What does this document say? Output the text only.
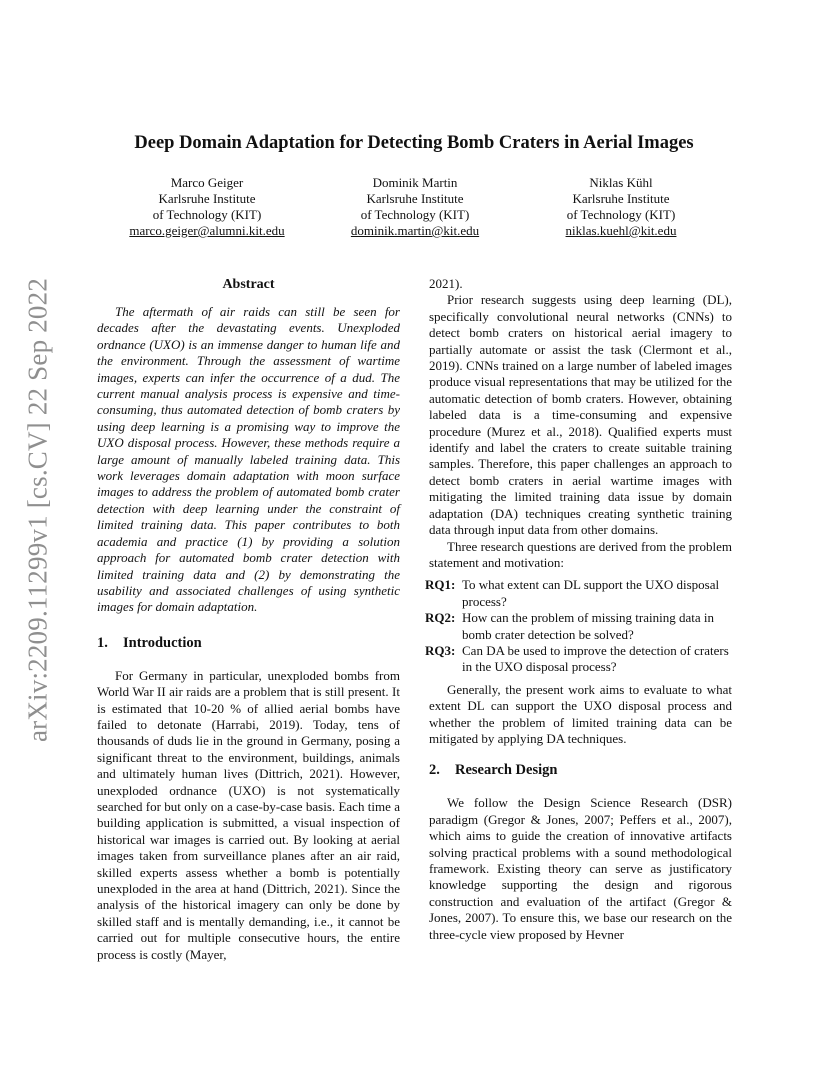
arXiv:2209.11299v1 [cs.CV] 22 Sep 2022
Deep Domain Adaptation for Detecting Bomb Craters in Aerial Images
Marco Geiger
Karlsruhe Institute
of Technology (KIT)
marco.geiger@alumni.kit.edu
Dominik Martin
Karlsruhe Institute
of Technology (KIT)
dominik.martin@kit.edu
Niklas Kühl
Karlsruhe Institute
of Technology (KIT)
niklas.kuehl@kit.edu
Abstract

The aftermath of air raids can still be seen for decades after the devastating events. Unexploded ordnance (UXO) is an immense danger to human life and the environment. Through the assessment of wartime images, experts can infer the occurrence of a dud. The current manual analysis process is expensive and time-consuming, thus automated detection of bomb craters by using deep learning is a promising way to improve the UXO disposal process. However, these methods require a large amount of manually labeled training data. This work leverages domain adaptation with moon surface images to address the problem of automated bomb crater detection with deep learning under the constraint of limited training data. This paper contributes to both academia and practice (1) by providing a solution approach for automated bomb crater detection with limited training data and (2) by demonstrating the usability and associated challenges of using synthetic images for domain adaptation.

1. Introduction

For Germany in particular, unexploded bombs from World War II air raids are a problem that is still present. It is estimated that 10-20 % of allied aerial bombs have failed to detonate (Harrabi, 2019). Today, tens of thousands of duds lie in the ground in Germany, posing a significant threat to the environment, buildings, animals and ultimately human lives (Dittrich, 2021). However, unexploded ordnance (UXO) is not systematically searched for but only on a case-by-case basis. Each time a building application is submitted, a visual inspection of historical war images is carried out. By looking at aerial images taken from surveillance planes after an air raid, skilled experts assess whether a bomb is potentially unexploded in the area at hand (Dittrich, 2021). Since the analysis of the historical imagery can only be done by skilled staff and is mentally demanding, i.e., it cannot be carried out for multiple consecutive hours, the entire process is costly (Mayer,

2021).

Prior research suggests using deep learning (DL), specifically convolutional neural networks (CNNs) to detect bomb craters on historical aerial imagery to partially automate or assist the task (Clermont et al., 2019). CNNs trained on a large number of labeled images produce visual representations that may be utilized for the automatic detection of bomb craters. However, obtaining labeled data is a time-consuming and expensive procedure (Murez et al., 2018). Qualified experts must identify and label the craters to create suitable training samples. Therefore, this paper challenges an approach to detect bomb craters in aerial wartime images with mitigating the limited training data issue by domain adaptation (DA) techniques creating synthetic training data through input data from other domains.

Three research questions are derived from the problem statement and motivation:

RQ1: To what extent can DL support the UXO disposal process?
RQ2: How can the problem of missing training data in bomb crater detection be solved?
RQ3: Can DA be used to improve the detection of craters in the UXO disposal process?

Generally, the present work aims to evaluate to what extent DL can support the UXO disposal process and whether the problem of limited training data can be mitigated by applying DA techniques.

2. Research Design

We follow the Design Science Research (DSR) paradigm (Gregor & Jones, 2007; Peffers et al., 2007), which aims to guide the creation of innovative artifacts solving practical problems with a sound methodological framework. Existing theory can serve as justificatory knowledge supporting the design and rigorous construction and evaluation of the artifact (Gregor & Jones, 2007). To ensure this, we base our research on the three-cycle view proposed by Hevner
